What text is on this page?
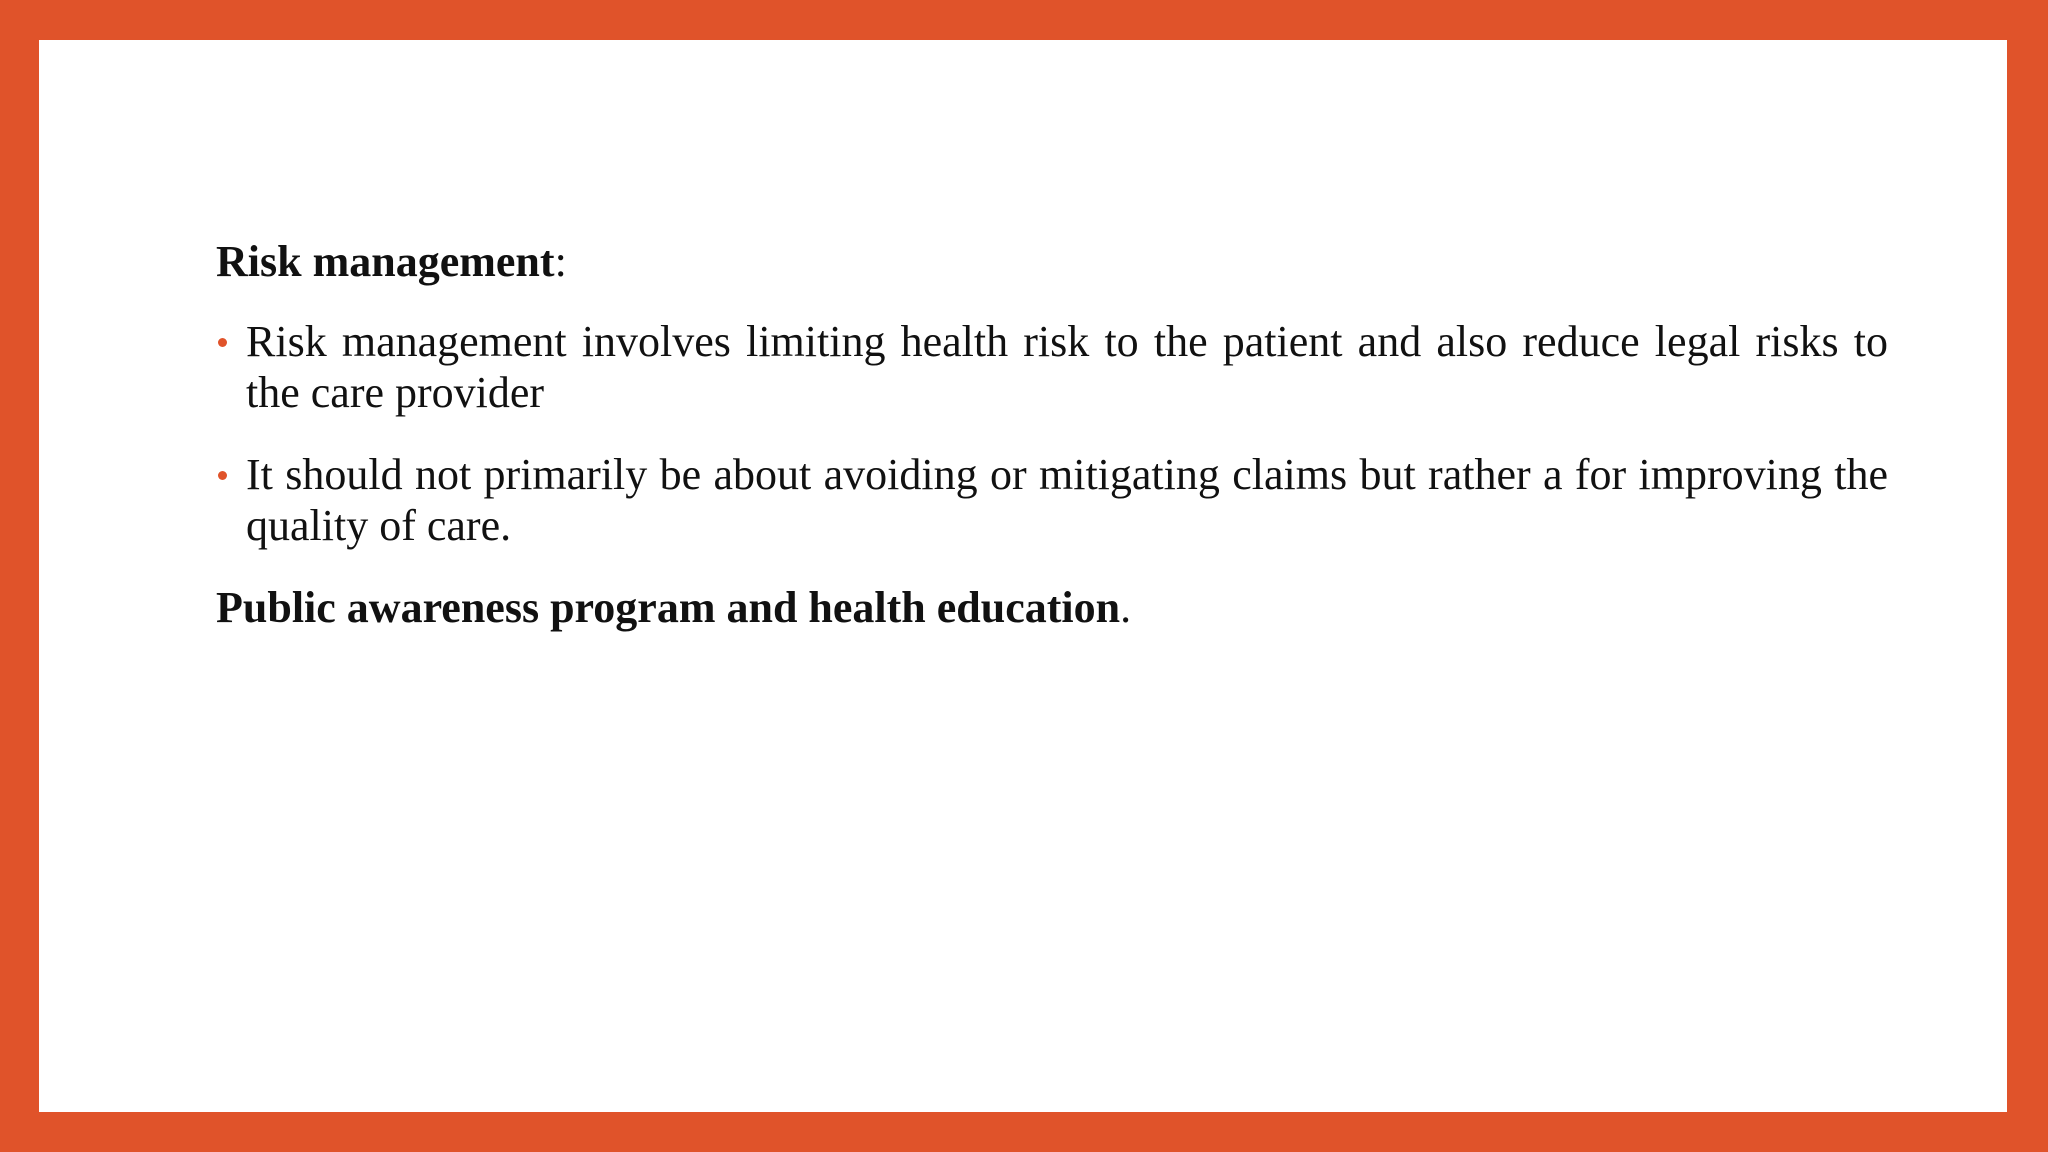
Risk management:

Risk management involves limiting health risk to the patient and also reduce legal risks to the care provider
It should not primarily be about avoiding or mitigating claims but rather a for improving the quality of care.

Public awareness program and health education.
